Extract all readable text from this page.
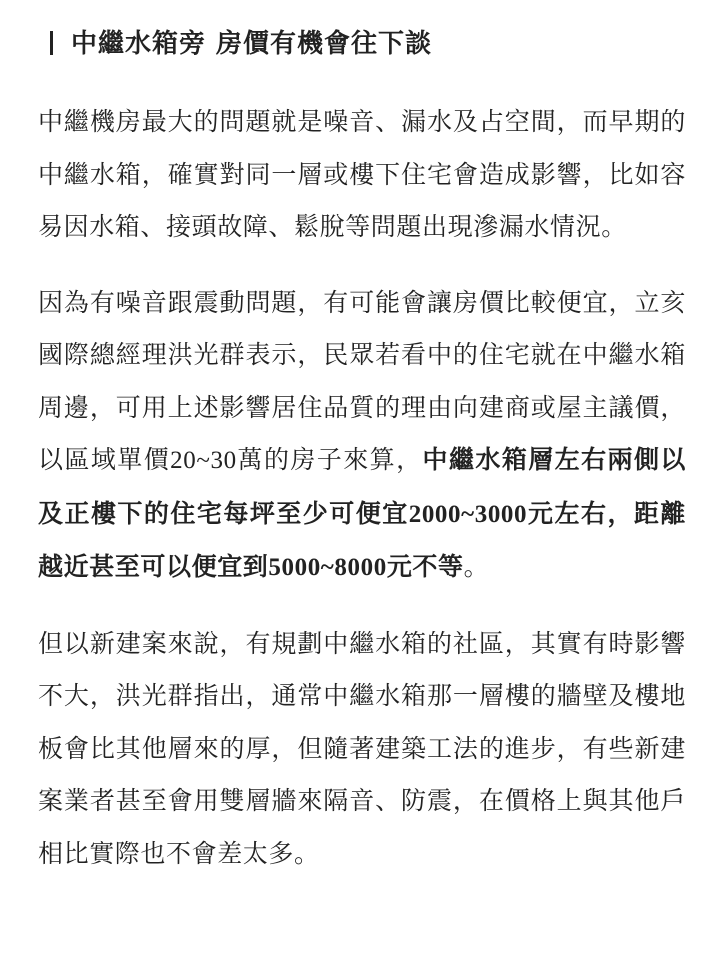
中繼水箱旁 房價有機會往下談

中繼機房最大的問題就是噪音、漏水及占空間，而早期的中繼水箱，確實對同一層或樓下住宅會造成影響，比如容易因水箱、接頭故障、鬆脫等問題出現滲漏水情況。

因為有噪音跟震動問題，有可能會讓房價比較便宜，立亥國際總經理洪光群表示，民眾若看中的住宅就在中繼水箱周邊，可用上述影響居住品質的理由向建商或屋主議價，以區域單價20~30萬的房子來算，中繼水箱層左右兩側以及正樓下的住宅每坪至少可便宜2000~3000元左右，距離越近甚至可以便宜到5000~8000元不等。

但以新建案來說，有規劃中繼水箱的社區，其實有時影響不大，洪光群指出，通常中繼水箱那一層樓的牆壁及樓地板會比其他層來的厚，但隨著建築工法的進步，有些新建案業者甚至會用雙層牆來隔音、防震，在價格上與其他戶相比實際也不會差太多。
